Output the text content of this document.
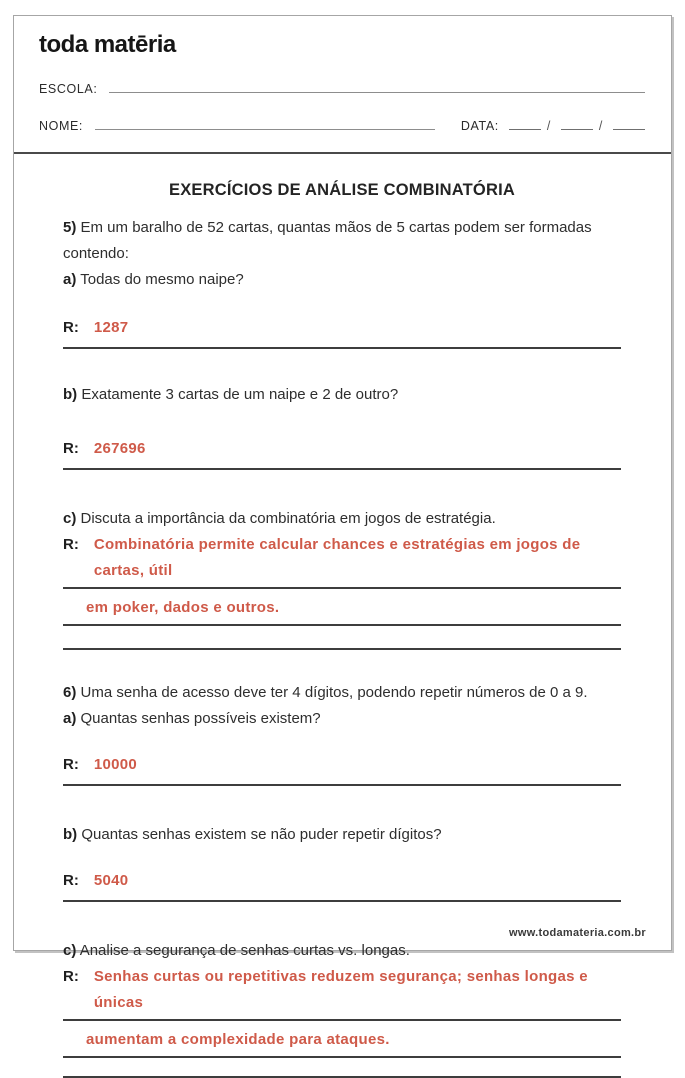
toda matēria
ESCOLA:
NOME:	DATA:	/	/
EXERCÍCIOS DE ANÁLISE COMBINATÓRIA
5) Em um baralho de 52 cartas, quantas mãos de 5 cartas podem ser formadas contendo:
a) Todas do mesmo naipe?
R: 1287
b) Exatamente 3 cartas de um naipe e 2 de outro?
R: 267696
c) Discuta a importância da combinatória em jogos de estratégia.
R: Combinatória permite calcular chances e estratégias em jogos de cartas, útil
em poker, dados e outros.
6) Uma senha de acesso deve ter 4 dígitos, podendo repetir números de 0 a 9.
a) Quantas senhas possíveis existem?
R: 10000
b) Quantas senhas existem se não puder repetir dígitos?
R: 5040
c) Analise a segurança de senhas curtas vs. longas.
R: Senhas curtas ou repetitivas reduzem segurança; senhas longas e únicas
aumentam a complexidade para ataques.
www.todamateria.com.br
